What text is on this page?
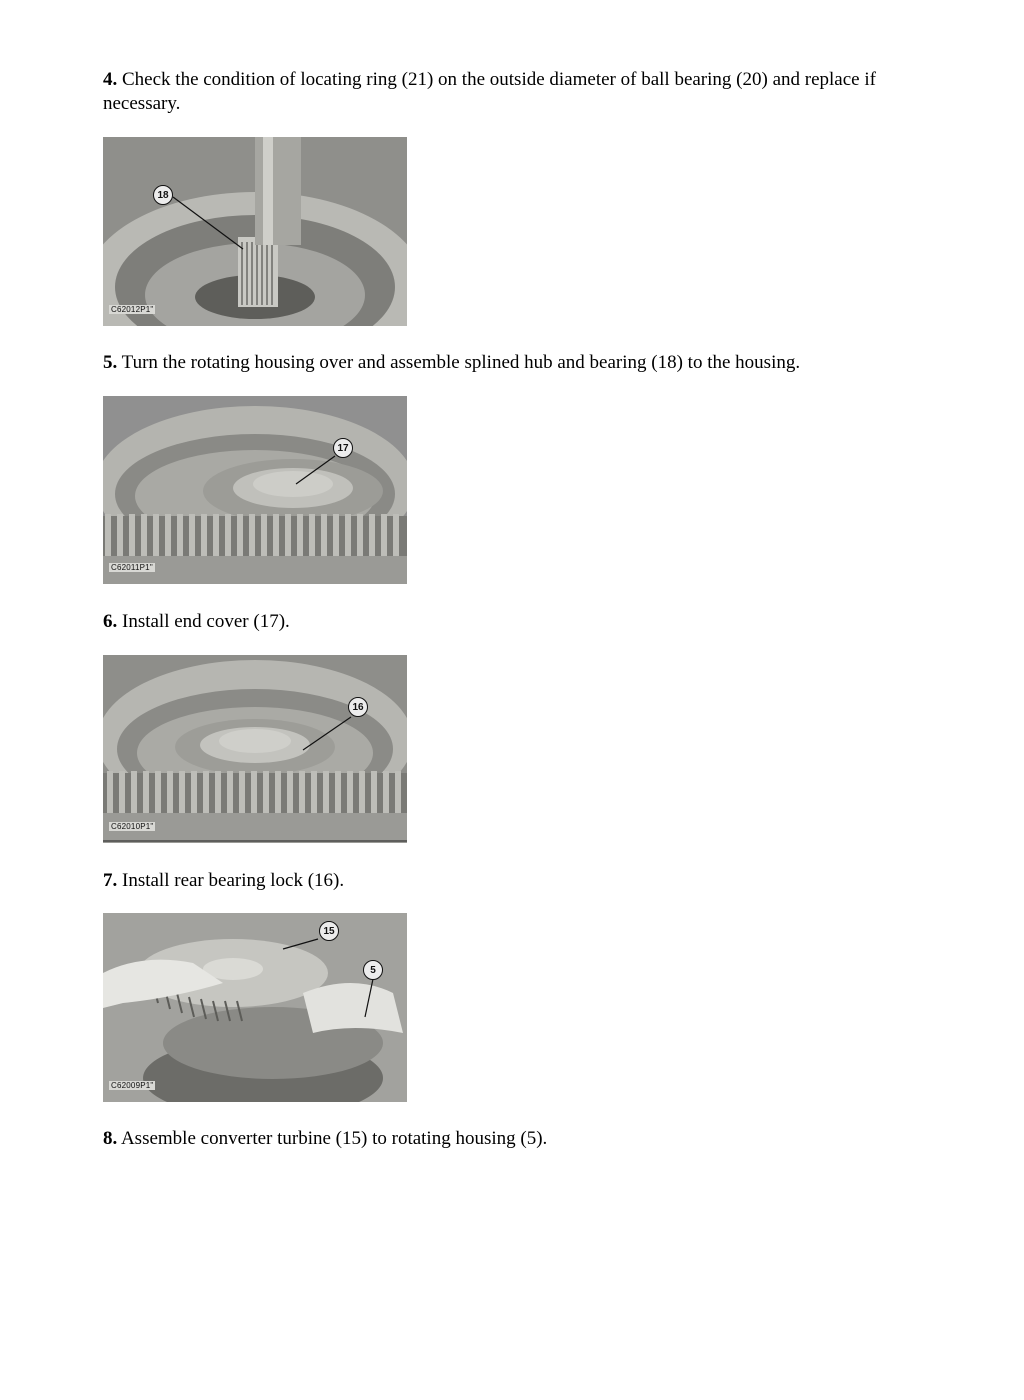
4. Check the condition of locating ring (21) on the outside diameter of ball bearing (20) and replace if necessary.

18
C62012P1"

5. Turn the rotating housing over and assemble splined hub and bearing (18) to the housing.

17
C62011P1"

6. Install end cover (17).

16
C62010P1"

7. Install rear bearing lock (16).

15
5
C62009P1"

8. Assemble converter turbine (15) to rotating housing (5).
